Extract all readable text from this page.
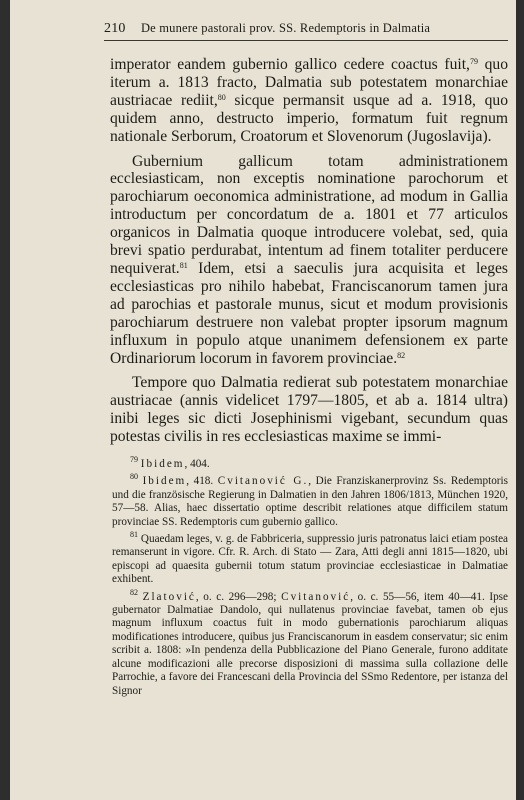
210 De munere pastorali prov. SS. Redemptoris in Dalmatia

imperator eandem gubernio gallico cedere coactus fuit,$^{79}$ quo iterum a. 1813 fracto, Dalmatia sub potestatem monarchiae austriacae rediit,$^{80}$ sicque permansit usque ad a. 1918, quo quidem anno, destructo imperio, formatum fuit regnum nationale Serborum, Croatorum et Slovenorum (Jugoslavija).

Gubernium gallicum totam administrationem ecclesiasticam, non exceptis nominatione parochorum et parochiarum oeconomica administratione, ad modum in Gallia introductum per concordatum de a. 1801 et 77 articulos organicos in Dalmatia quoque introducere volebat, sed, quia brevi spatio perdurabat, intentum ad finem totaliter perducere nequiverat.$^{81}$ Idem, etsi a saeculis jura acquisita et leges ecclesiasticas pro nihilo habebat, Franciscanorum tamen jura ad parochias et pastorale munus, sicut et modum provisionis parochiarum destruere non valebat propter ipsorum magnum influxum in populo atque unanimem defensionem ex parte Ordinariorum locorum in favorem provinciae.$^{82}$

Tempore quo Dalmatia redierat sub potestatem monarchiae austriacae (annis videlicet 1797—1805, et ab a. 1814 ultra) inibi leges sic dicti Josephinismi vigebant, secundum quas potestas civilis in res ecclesiasticas maxime se immi-

$^{79}$ Ibidem, 404.

$^{80}$ Ibidem, 418. Cvitanović G., Die Franziskanerprovinz Ss. Redemptoris und die französische Regierung in Dalmatien in den Jahren 1806/1813, München 1920, 57—58. Alias, haec dissertatio optime describit relationes atque difficilem statum provinciae SS. Redemptoris cum gubernio gallico.

$^{81}$ Quaedam leges, v. g. de Fabbriceria, suppressio juris patronatus laici etiam postea remanserunt in vigore. Cfr. R. Arch. di Stato — Zara, Atti degli anni 1815—1820, ubi episcopi ad quaesita gubernii totum statum provinciae ecclesiasticae in Dalmatiae exhibent.

$^{82}$ Zlatović, o. c. 296—298; Cvitanović, o. c. 55—56, item 40—41. Ipse gubernator Dalmatiae Dandolo, qui nullatenus provinciae favebat, tamen ob ejus magnum influxum coactus fuit in modo gubernationis parochiarum aliquas modificationes introducere, quibus jus Franciscanorum in easdem conservatur; sic enim scribit a. 1808: »In pendenza della Pubblicazione del Piano Generale, furono additate alcune modificazioni alle precorse disposizioni di massima sulla collazione delle Parrochie, a favore dei Francescani della Provincia del SSmo Redentore, per istanza del Signor
